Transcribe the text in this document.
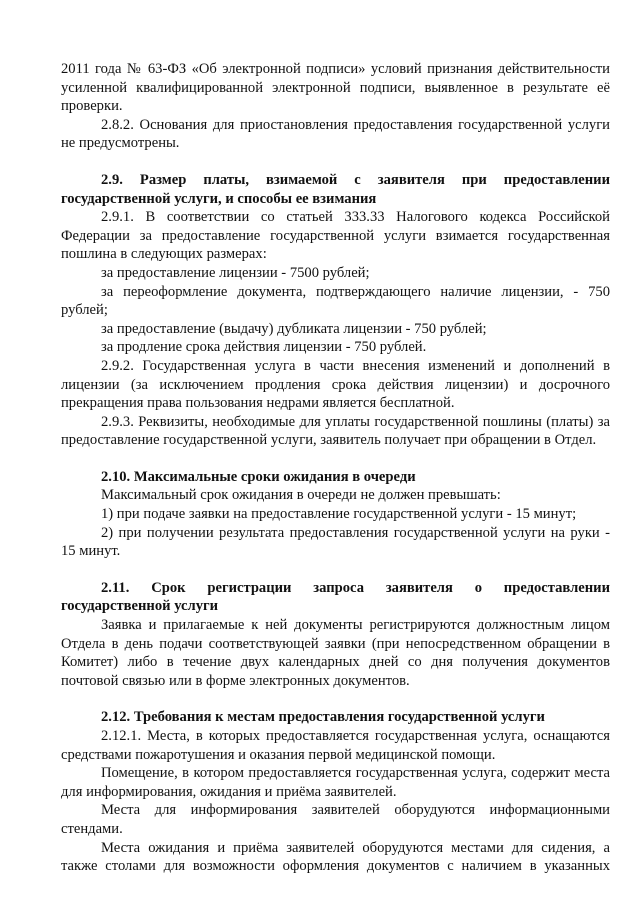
2011 года № 63-ФЗ «Об электронной подписи» условий признания действительности усиленной квалифицированной электронной подписи, выявленное в результате её проверки.

2.8.2. Основания для приостановления предоставления государственной услуги не предусмотрены.

2.9. Размер платы, взимаемой с заявителя при предоставлении государственной услуги, и способы ее взимания

2.9.1. В соответствии со статьей 333.33 Налогового кодекса Российской Федерации за предоставление государственной услуги взимается государственная пошлина в следующих размерах:

за предоставление лицензии - 7500 рублей;

за переоформление документа, подтверждающего наличие лицензии, - 750 рублей;

за предоставление (выдачу) дубликата лицензии - 750 рублей;

за продление срока действия лицензии - 750 рублей.

2.9.2. Государственная услуга в части внесения изменений и дополнений в лицензии (за исключением продления срока действия лицензии) и досрочного прекращения права пользования недрами является бесплатной.

2.9.3. Реквизиты, необходимые для уплаты государственной пошлины (платы) за предоставление государственной услуги, заявитель получает при обращении в Отдел.

2.10. Максимальные сроки ожидания в очереди

Максимальный срок ожидания в очереди не должен превышать:

1) при подаче заявки на предоставление государственной услуги - 15 минут;

2) при получении результата предоставления государственной услуги на руки - 15 минут.

2.11. Срок регистрации запроса заявителя о предоставлении государственной услуги

Заявка и прилагаемые к ней документы регистрируются должностным лицом Отдела в день подачи соответствующей заявки (при непосредственном обращении в Комитет) либо в течение двух календарных дней со дня получения документов почтовой связью или в форме электронных документов.

2.12. Требования к местам предоставления государственной услуги

2.12.1. Места, в которых предоставляется государственная услуга, оснащаются средствами пожаротушения и оказания первой медицинской помощи.

Помещение, в котором предоставляется государственная услуга, содержит места для информирования, ожидания и приёма заявителей.

Места для информирования заявителей оборудуются информационными стендами.

Места ожидания и приёма заявителей оборудуются местами для сидения, а также столами для возможности оформления документов с наличием в указанных
